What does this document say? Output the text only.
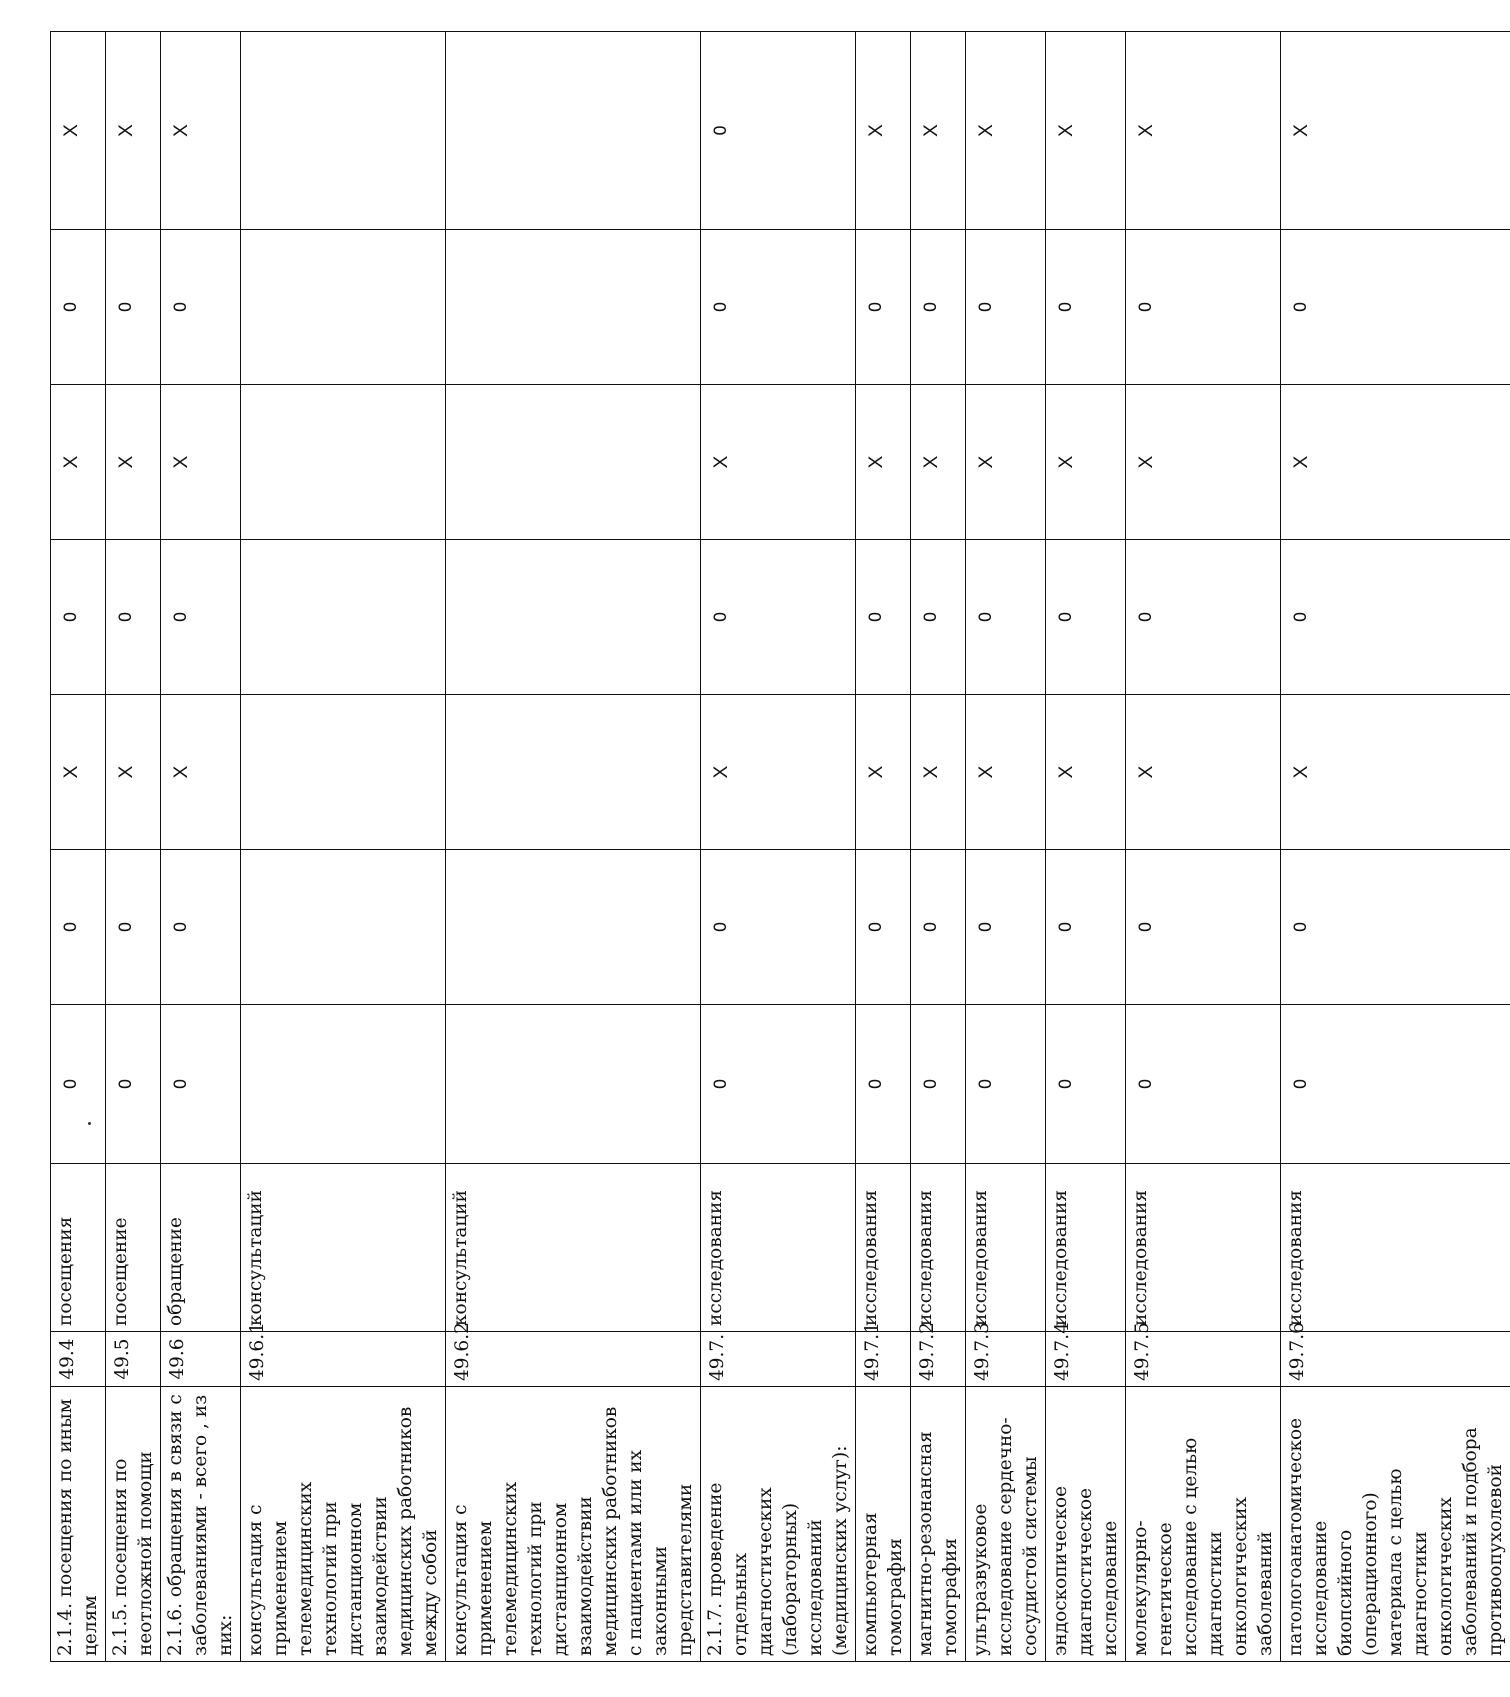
2.1.4. посещения по иным целям	49.4	посещения	0	0	X	0	X	0	X
2.1.5. посещения по неотложной помощи	49.5	посещение	0	0	X	0	X	0	X
2.1.6. обращения в связи с заболеваниями - всего , из них:	49.6	обращение	0	0	X	0	X	0	X
консультация с применением телемедицинских технологий при дистанционном взаимодействии медицинских работников между собой	49.6.1	консультаций							
консультация с применением телемедицинских технологий при дистанционном взаимодействии медицинских работников с пациентами или их законными представителями	49.6.2	консультаций							
2.1.7. проведение отдельных диагностических (лабораторных) исследований (медицинских услуг):	49.7.	исследования	0	0	X	0	X	0	0
компьютерная томография	49.7.1	исследования	0	0	X	0	X	0	X
магнитно-резонансная томография	49.7.2	исследования	0	0	X	0	X	0	X
ультразвуковое исследование сердечно-сосудистой системы	49.7.3	исследования	0	0	X	0	X	0	X
эндоскопическое диагностическое исследование	49.7.4	исследования	0	0	X	0	X	0	X
молекулярно-генетическое исследование с целью диагностики онкологических заболеваний	49.7.5	исследования	0	0	X	0	X	0	X
патологоанатомическое исследование биопсийного (операционного) материала с целью диагностики онкологических заболеваний и подбора противоопухолевой	49.7.6	исследования	0	0	X	0	X	0	X
